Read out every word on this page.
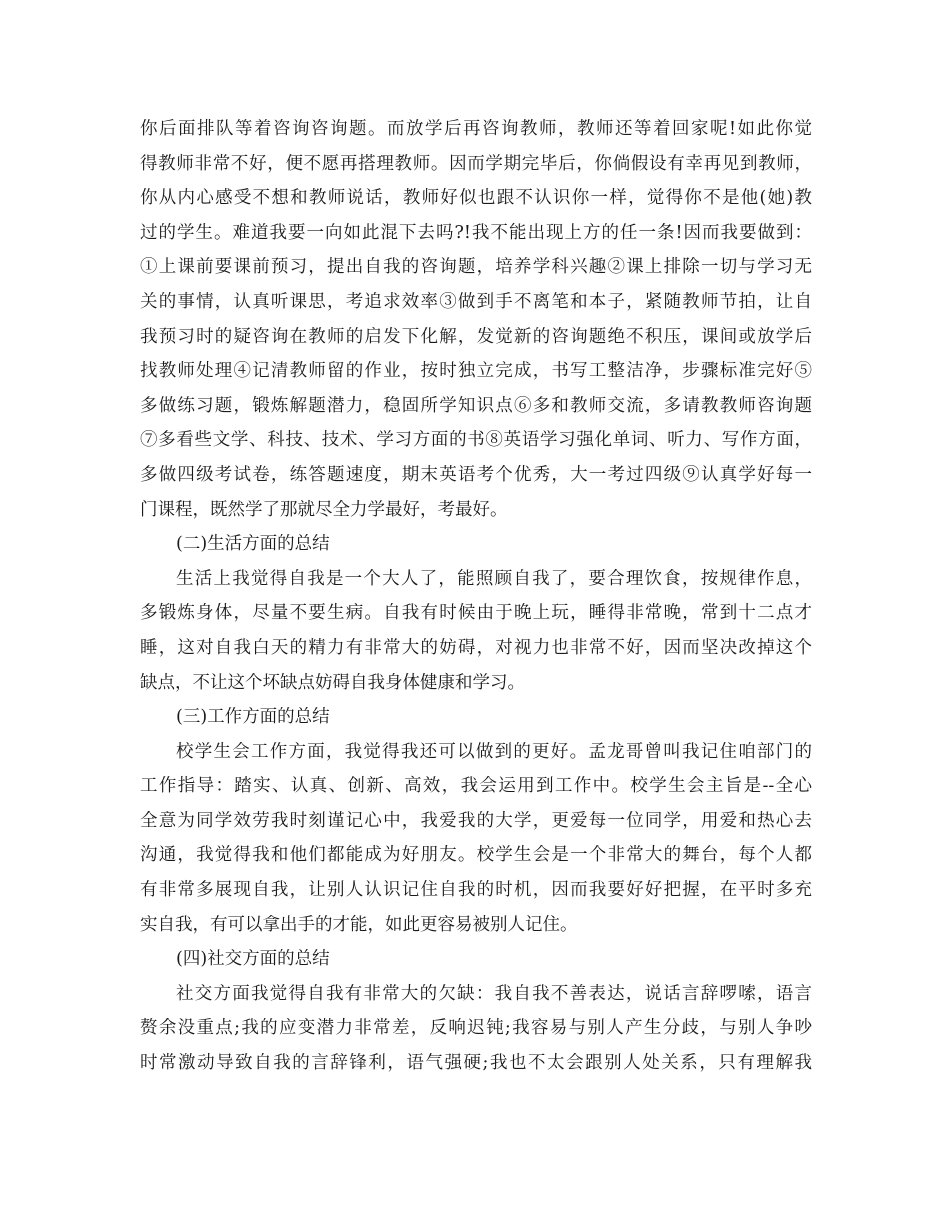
你后面排队等着咨询咨询题。而放学后再咨询教师，教师还等着回家呢!如此你觉
得教师非常不好，便不愿再搭理教师。因而学期完毕后，你倘假设有幸再见到教师，
你从内心感受不想和教师说话，教师好似也跟不认识你一样，觉得你不是他(她)教
过的学生。难道我要一向如此混下去吗?!我不能出现上方的任一条!因而我要做到：
①上课前要课前预习，提出自我的咨询题，培养学科兴趣②课上排除一切与学习无
关的事情，认真听课思，考追求效率③做到手不离笔和本子，紧随教师节拍，让自
我预习时的疑咨询在教师的启发下化解，发觉新的咨询题绝不积压，课间或放学后
找教师处理④记清教师留的作业，按时独立完成，书写工整洁净，步骤标准完好⑤
多做练习题，锻炼解题潜力，稳固所学知识点⑥多和教师交流，多请教教师咨询题
⑦多看些文学、科技、技术、学习方面的书⑧英语学习强化单词、听力、写作方面，
多做四级考试卷，练答题速度，期末英语考个优秀，大一考过四级⑨认真学好每一
门课程，既然学了那就尽全力学最好，考最好。
(二)生活方面的总结
生活上我觉得自我是一个大人了，能照顾自我了，要合理饮食，按规律作息，
多锻炼身体，尽量不要生病。自我有时候由于晚上玩，睡得非常晚，常到十二点才
睡，这对自我白天的精力有非常大的妨碍，对视力也非常不好，因而坚决改掉这个
缺点，不让这个坏缺点妨碍自我身体健康和学习。
(三)工作方面的总结
校学生会工作方面，我觉得我还可以做到的更好。孟龙哥曾叫我记住咱部门的
工作指导：踏实、认真、创新、高效，我会运用到工作中。校学生会主旨是--全心
全意为同学效劳我时刻谨记心中，我爱我的大学，更爱每一位同学，用爱和热心去
沟通，我觉得我和他们都能成为好朋友。校学生会是一个非常大的舞台，每个人都
有非常多展现自我，让别人认识记住自我的时机，因而我要好好把握，在平时多充
实自我，有可以拿出手的才能，如此更容易被别人记住。
(四)社交方面的总结
社交方面我觉得自我有非常大的欠缺：我自我不善表达，说话言辞啰嗦，语言
赘余没重点;我的应变潜力非常差，反响迟钝;我容易与别人产生分歧，与别人争吵
时常激动导致自我的言辞锋利，语气强硬;我也不太会跟别人处关系，只有理解我
